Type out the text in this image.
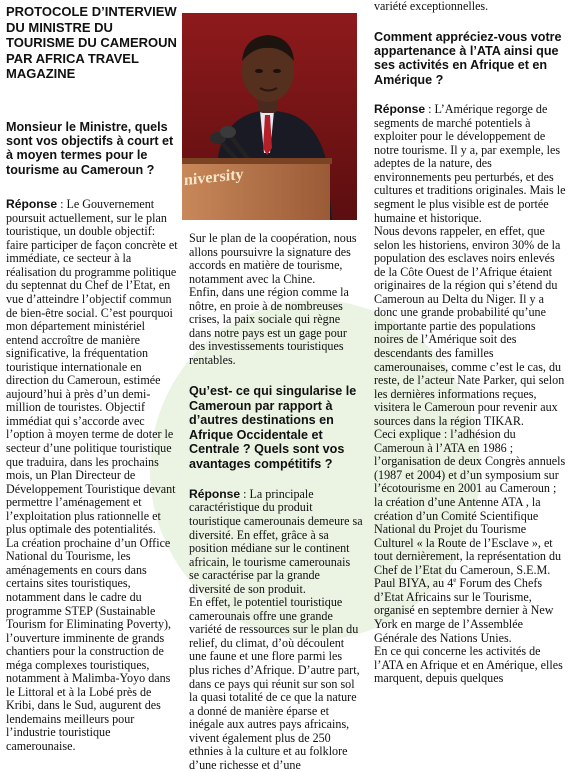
PROTOCOLE D’INTERVIEW DU MINISTRE DU TOURISME DU CAMEROUN PAR AFRICA TRAVEL MAGAZINE

Monsieur le Ministre, quels sont vos objectifs à court et à moyen termes pour le tourisme au Cameroun ?

Réponse : Le Gouvernement poursuit actuellement, sur le plan touristique, un double objectif: faire participer de façon concrète et immédiate, ce secteur à la réalisation du programme politique du septennat du Chef de l’Etat, en vue d’atteindre l’objectif commun de bien-être social. C’est pourquoi mon département ministériel entend accroître de manière significative, la fréquentation touristique internationale en direction du Cameroun, estimée aujourd’hui à près d’un demi-million de touristes. Objectif immédiat qui s’accorde avec l’option à moyen terme de doter le secteur d’une politique touristique que traduira, dans les prochains mois, un Plan Directeur de Développement Touristique devant permettre l’aménagement et l’exploitation plus rationnelle et plus optimale des potentialités.

La création prochaine d’un Office National du Tourisme, les aménagements en cours dans certains sites touristiques, notamment dans le cadre du programme STEP (Sustainable Tourism for Eliminating Poverty), l’ouverture imminente de grands chantiers pour la construction de méga complexes touristiques, notamment à Malimba-Yoyo dans le Littoral et à la Lobé près de Kribi, dans le Sud, augurent des lendemains meilleurs pour l’industrie touristique camerounaise.

niversity

Sur le plan de la coopération, nous allons poursuivre la signature des accords en matière de tourisme, notamment avec la Chine.

Enfin, dans une région comme la nôtre, en proie à de nombreuses crises, la paix sociale qui règne dans notre pays est un gage pour des investissements touristiques rentables.

Qu’est- ce qui singularise le Cameroun par rapport à d’autres destinations en Afrique Occidentale et Centrale ? Quels sont vos avantages compétitifs ?

Réponse : La principale caractéristique du produit touristique camerounais demeure sa diversité. En effet, grâce à sa position médiane sur le continent africain, le tourisme camerounais se caractérise par la grande diversité de son produit.

En effet, le potentiel touristique camerounais offre une grande variété de ressources sur le plan du relief, du climat, d’où découlent une faune et une flore parmi les plus riches d’Afrique. D’autre part, dans ce pays qui réunit sur son sol la quasi totalité de ce que la nature a donné de manière éparse et inégale aux autres pays africains, vivent également plus de 250 ethnies à la culture et au folklore d’une richesse et d’une

variété exceptionnelles.

Comment appréciez-vous votre appartenance à l’ATA ainsi que ses activités en Afrique et en Amérique ?

Réponse : L’Amérique regorge de segments de marché potentiels à exploiter pour le développement de notre tourisme. Il y a, par exemple, les adeptes de la nature, des environnements peu perturbés, et des cultures et traditions originales. Mais le segment le plus visible est de portée humaine et historique.

Nous devons rappeler, en effet, que selon les historiens, environ 30% de la population des esclaves noirs enlevés de la Côte Ouest de l’Afrique étaient originaires de la région qui s’étend du Cameroun au Delta du Niger. Il y a donc une grande probabilité qu’une importante partie des populations noires de l’Amérique soit des descendants des familles camerounaises, comme c’est le cas, du reste, de l’acteur Nate Parker, qui selon les dernières informations reçues, visitera le Cameroun pour revenir aux sources dans la région TIKAR.

Ceci explique : l’adhésion du Cameroun à l’ATA en 1986 ; l’organisation de deux Congrès annuels (1987 et 2004) et d’un symposium sur l’écotourisme en 2001 au Cameroun ; la création d’une Antenne ATA , la création d’un Comité Scientifique National du Projet du Tourisme Culturel « la Route de l’Esclave », et tout dernièrement, la représentation du Chef de l’Etat du Cameroun, S.E.M. Paul BIYA, au 4e Forum des Chefs d’Etat Africains sur le Tourisme, organisé en septembre dernier à New York en marge de l’Assemblée Générale des Nations Unies.

En ce qui concerne les activités de l’ATA en Afrique et en Amérique, elles marquent, depuis quelques
